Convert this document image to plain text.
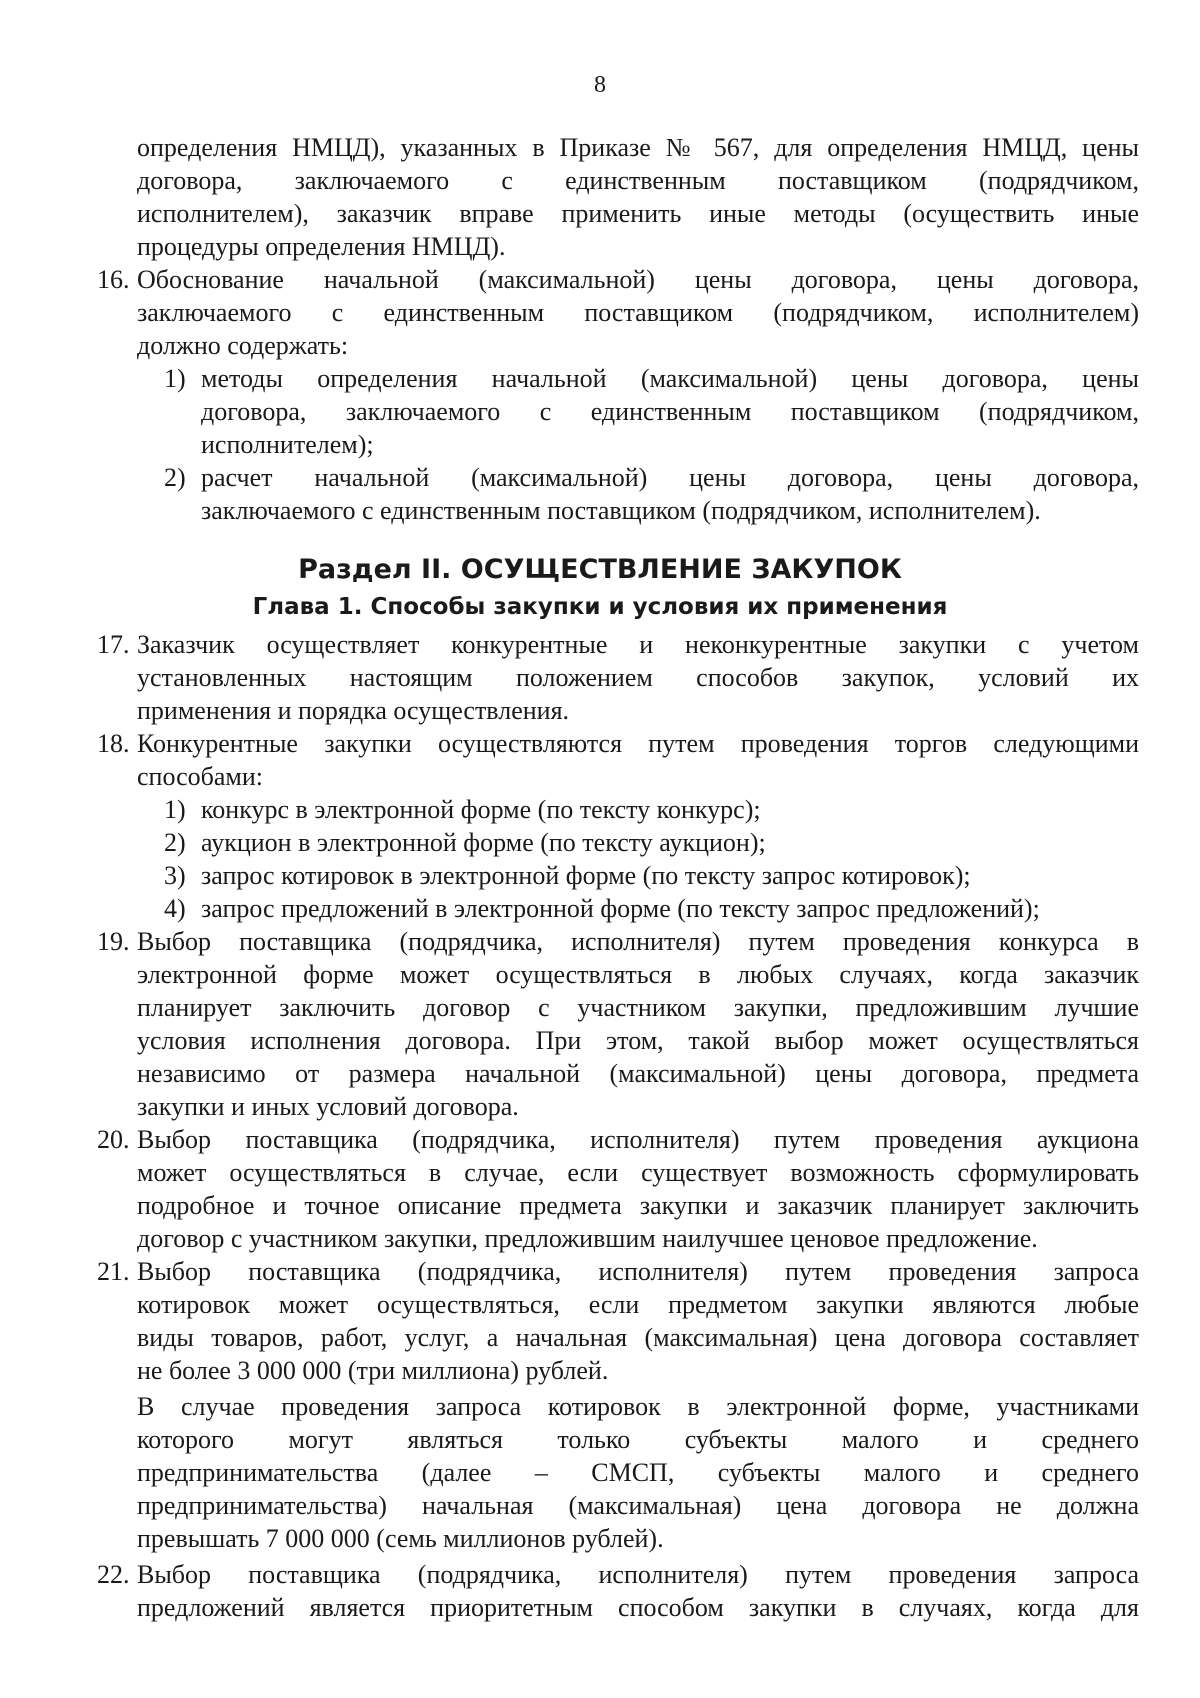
8
Раздел II. ОСУЩЕСТВЛЕНИЕ ЗАКУПОК
Глава 1. Способы закупки и условия их применения
определения НМЦД), указанных в Приказе № 567, для определения НМЦД, цены
договора, заключаемого с единственным поставщиком (подрядчиком,
исполнителем), заказчик вправе применить иные методы (осуществить иные
процедуры определения НМЦД).
16. Обоснование начальной (максимальной) цены договора, цены договора,
заключаемого с единственным поставщиком (подрядчиком, исполнителем)
должно содержать:
1) методы определения начальной (максимальной) цены договора, цены
договора, заключаемого с единственным поставщиком (подрядчиком,
исполнителем);
2) расчет начальной (максимальной) цены договора, цены договора,
заключаемого с единственным поставщиком (подрядчиком, исполнителем).
17. Заказчик осуществляет конкурентные и неконкурентные закупки с учетом
установленных настоящим положением способов закупок, условий их
применения и порядка осуществления.
18. Конкурентные закупки осуществляются путем проведения торгов следующими
способами:
1) конкурс в электронной форме (по тексту конкурс);
2) аукцион в электронной форме (по тексту аукцион);
3) запрос котировок в электронной форме (по тексту запрос котировок);
4) запрос предложений в электронной форме (по тексту запрос предложений);
19. Выбор поставщика (подрядчика, исполнителя) путем проведения конкурса в
электронной форме может осуществляться в любых случаях, когда заказчик
планирует заключить договор с участником закупки, предложившим лучшие
условия исполнения договора. При этом, такой выбор может осуществляться
независимо от размера начальной (максимальной) цены договора, предмета
закупки и иных условий договора.
20. Выбор поставщика (подрядчика, исполнителя) путем проведения аукциона
может осуществляться в случае, если существует возможность сформулировать
подробное и точное описание предмета закупки и заказчик планирует заключить
договор с участником закупки, предложившим наилучшее ценовое предложение.
21. Выбор поставщика (подрядчика, исполнителя) путем проведения запроса
котировок может осуществляться, если предметом закупки являются любые
виды товаров, работ, услуг, а начальная (максимальная) цена договора составляет
не более 3 000 000 (три миллиона) рублей.
В случае проведения запроса котировок в электронной форме, участниками
которого могут являться только субъекты малого и среднего
предпринимательства (далее – СМСП, субъекты малого и среднего
предпринимательства) начальная (максимальная) цена договора не должна
превышать 7 000 000 (семь миллионов рублей).
22. Выбор поставщика (подрядчика, исполнителя) путем проведения запроса
предложений является приоритетным способом закупки в случаях, когда для
